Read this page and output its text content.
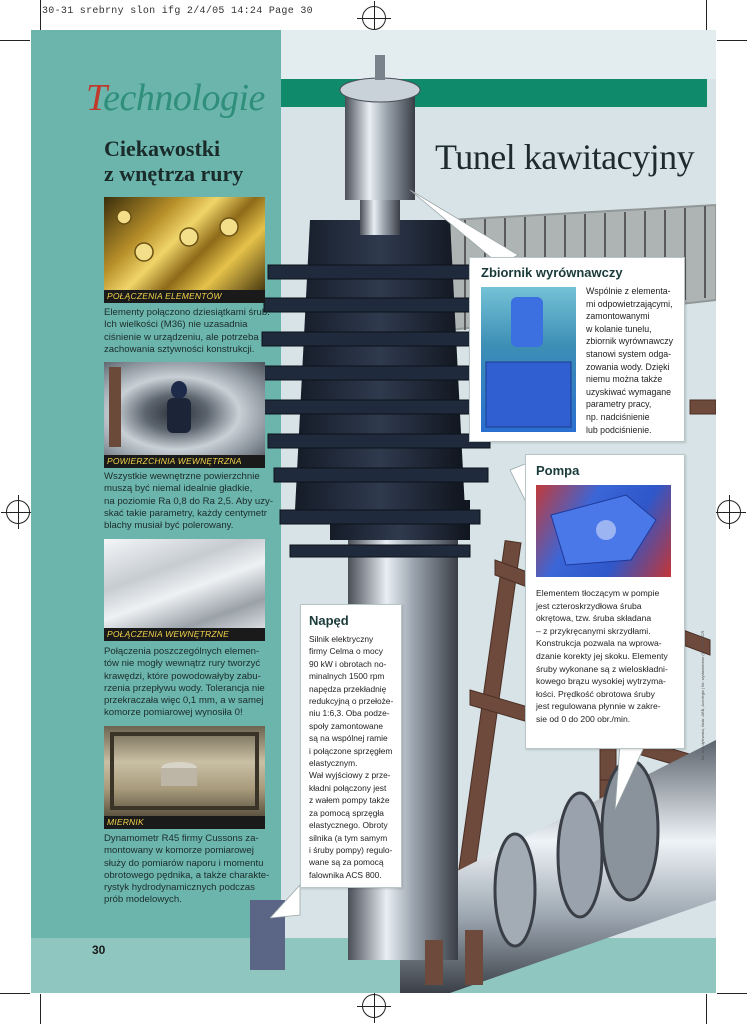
30-31 srebrny slon ifg 2/4/05 14:24 Page 30
Technologie
Ciekawostki
z wnętrza rury	Tunel kawitacyjny
POŁĄCZENIA ELEMENTÓW
Elementy połączono dziesiątkami śrub.
Ich wielkości (M36) nie uzasadnia
ciśnienie w urządzeniu, ale potrzeba
zachowania sztywności konstrukcji.
POWIERZCHNIA WEWNĘTRZNA
Wszystkie wewnętrzne powierzchnie
muszą być niemal idealnie gładkie,
na poziomie Ra 0,8 do Ra 2,5. Aby uzy-
skać takie parametry, każdy centymetr
blachy musiał być polerowany.
POŁĄCZENIA WEWNĘTRZNE
Połączenia poszczególnych elemen-
tów nie mogły wewnątrz rury tworzyć
krawędzi, które powodowałyby zabu-
rzenia przepływu wody. Tolerancja nie
przekraczała więc 0,1 mm, a w samej
komorze pomiarowej wynosiła 0!
MIERNIK
Dynamometr R45 firmy Cussons za-
montowany w komorze pomiarowej
służy do pomiarów naporu i momentu
obrotowego pędnika, a także charakte-
rystyk hydrodynamicznych podczas
prób modelowych.
Zbiornik wyrównawczy
Wspólnie z elementa-
mi odpowietrzającymi,
zamontowanymi
w kolanie tunelu,
zbiornik wyrównawczy
stanowi system odga-
zowania wody. Dzięki
niemu można także
uzyskiwać wymagane
parametry pracy,
np. nadciśnienie
lub podciśnienie.
Pompa
Elementem tłoczącym w pompie
jest czteroskrzydłowa śruba
okrętowa, tzw. śruba składana
– z przykręcanymi skrzydłami.
Konstrukcja pozwala na wprowa-
dzanie korekty jej skoku. Elementy
śruby wykonane są z wieloskładni-
kowego brązu wysokiej wytrzyma-
łości. Prędkość obrotowa śruby
jest regulowana płynnie w zakre-
sie od 0 do 200 obr./min.
Napęd
Silnik elektryczny
firmy Celma o mocy
90 kW i obrotach no-
minalnych 1500 rpm
napędza przekładnię
redukcyjną o przełoże-
niu 1:6,3. Oba podze-
społy zamontowane
są na wspólnej ramie
i połączone sprzęgłem
elastycznym.
Wał wyjściowy z prze-
kładni połączony jest
z wałem pompy także
za pomocą sprzęgła
elastycznego. Obroty
silnika (a tym samym
i śruby pompy) regulo-
wane są za pomocą
falownika ACS 800.
30
for. m.a.dylewska, ilustr. ABB, Acrolegis | fot. wydawnictwo (6), tytuł: ACR
